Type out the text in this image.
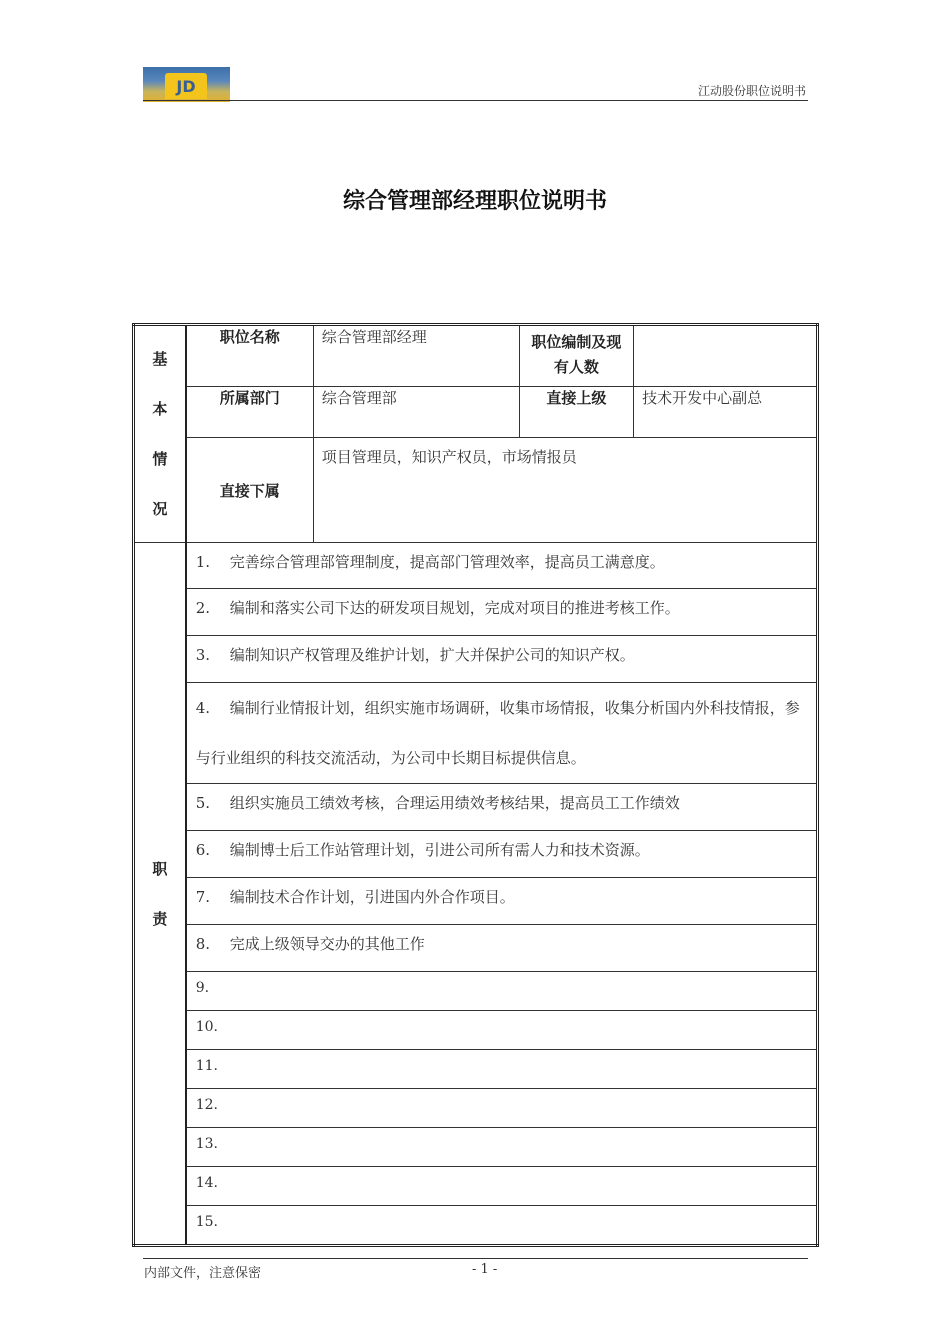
JD	江动股份职位说明书
综合管理部经理职位说明书
基
本
情
况	职位名称	综合管理部经理	职位编制及现有人数	
	所属部门	综合管理部	直接上级	技术开发中心副总
	直接下属	项目管理员，知识产权员，市场情报员		
职
责	1. 完善综合管理部管理制度，提高部门管理效率，提高员工满意度。			
	2. 编制和落实公司下达的研发项目规划，完成对项目的推进考核工作。			
	3. 编制知识产权管理及维护计划，扩大并保护公司的知识产权。			
	4. 编制行业情报计划，组织实施市场调研，收集市场情报，收集分析国内外科技情报，参与行业组织的科技交流活动，为公司中长期目标提供信息。			
	5. 组织实施员工绩效考核，合理运用绩效考核结果，提高员工工作绩效			
	6. 编制博士后工作站管理计划，引进公司所有需人力和技术资源。			
	7. 编制技术合作计划，引进国内外合作项目。			
	8. 完成上级领导交办的其他工作			
	9.			
	10.			
	11.			
	12.			
	13.			
	14.			
	15.			
内部文件，注意保密	- 1 -
